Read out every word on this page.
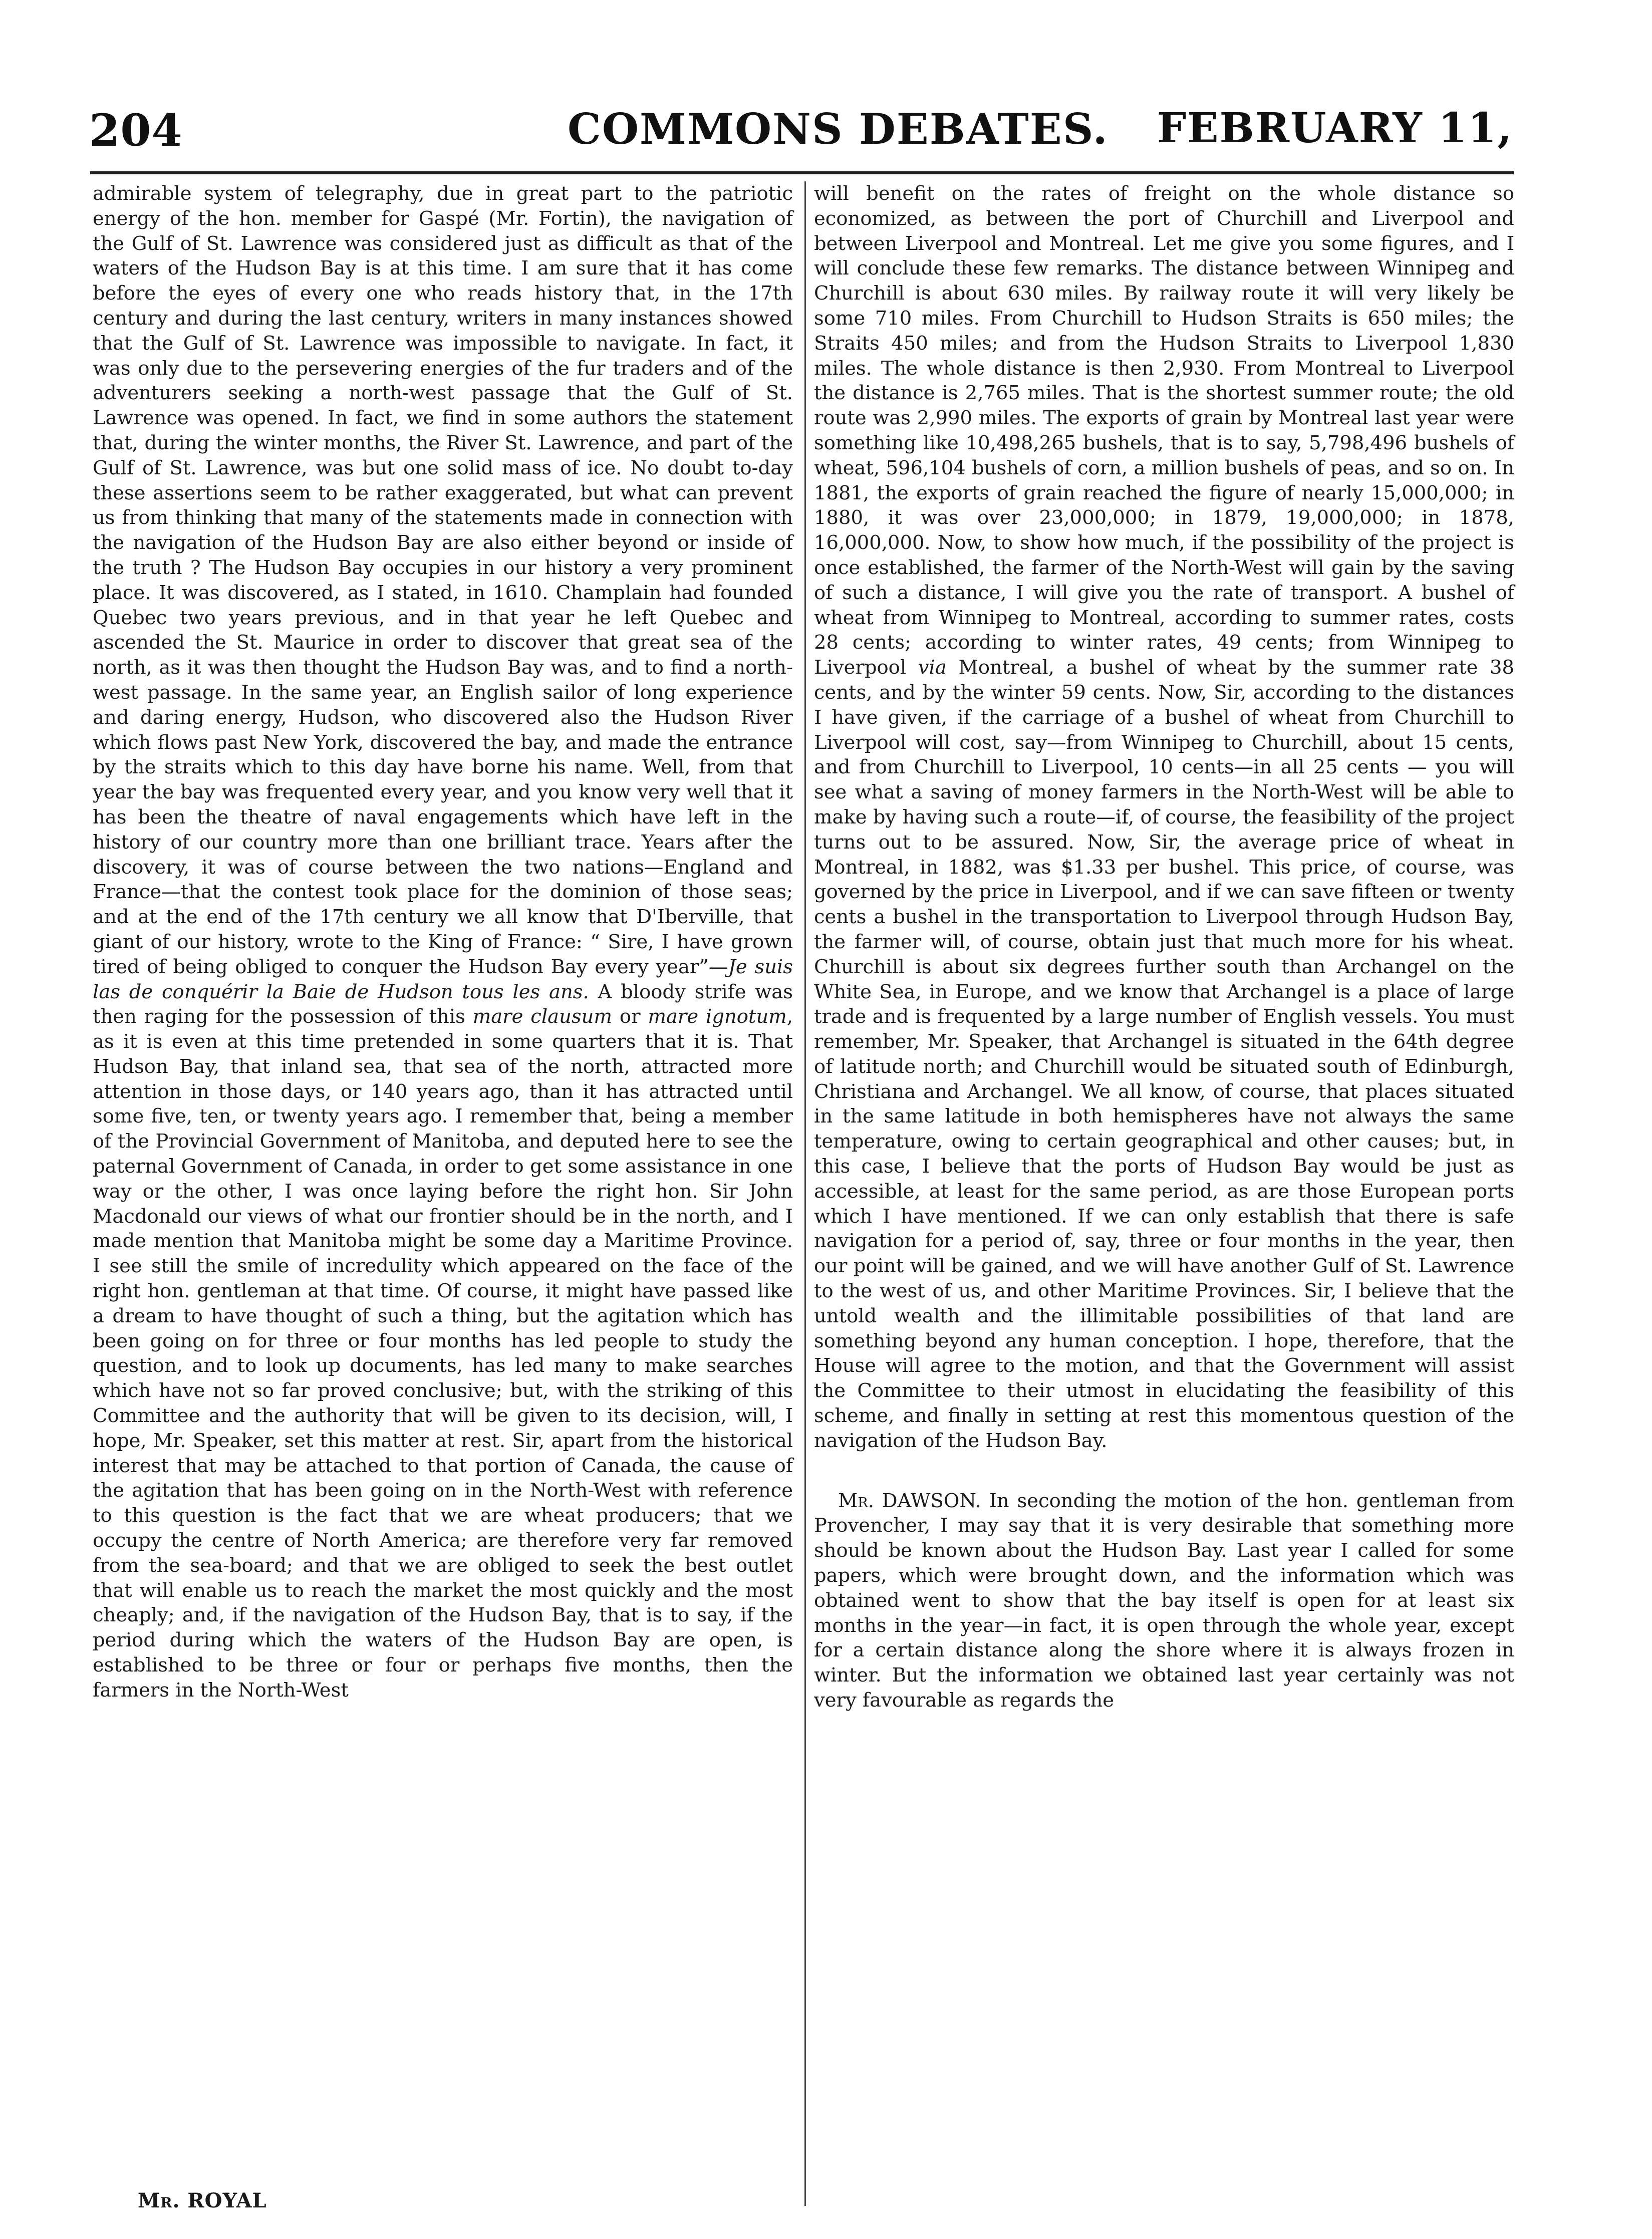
204	COMMONS DEBATES. FEBRUARY 11,

admirable system of telegraphy, due in great part to the patriotic energy of the hon. member for Gaspé (Mr. Fortin), the navigation of the Gulf of St. Lawrence was considered just as difficult as that of the waters of the Hudson Bay is at this time. I am sure that it has come before the eyes of every one who reads history that, in the 17th century and during the last century, writers in many instances showed that the Gulf of St. Lawrence was impossible to navigate. In fact, it was only due to the persevering energies of the fur traders and of the adventurers seeking a north-west passage that the Gulf of St. Lawrence was opened. In fact, we find in some authors the statement that, during the winter months, the River St. Lawrence, and part of the Gulf of St. Lawrence, was but one solid mass of ice. No doubt to-day these assertions seem to be rather exaggerated, but what can prevent us from thinking that many of the statements made in connection with the navigation of the Hudson Bay are also either beyond or inside of the truth ? The Hudson Bay occupies in our history a very prominent place. It was discovered, as I stated, in 1610. Champlain had founded Quebec two years previous, and in that year he left Quebec and ascended the St. Maurice in order to discover that great sea of the north, as it was then thought the Hudson Bay was, and to find a north-west passage. In the same year, an English sailor of long experience and daring energy, Hudson, who discovered also the Hudson River which flows past New York, discovered the bay, and made the entrance by the straits which to this day have borne his name. Well, from that year the bay was frequented every year, and you know very well that it has been the theatre of naval engagements which have left in the history of our country more than one brilliant trace. Years after the discovery, it was of course between the two nations—England and France—that the contest took place for the dominion of those seas; and at the end of the 17th century we all know that D'Iberville, that giant of our history, wrote to the King of France: “ Sire, I have grown tired of being obliged to conquer the Hudson Bay every year”—Je suis las de conquérir la Baie de Hudson tous les ans. A bloody strife was then raging for the possession of this mare clausum or mare ignotum, as it is even at this time pretended in some quarters that it is. That Hudson Bay, that inland sea, that sea of the north, attracted more attention in those days, or 140 years ago, than it has attracted until some five, ten, or twenty years ago. I remember that, being a member of the Provincial Government of Manitoba, and deputed here to see the paternal Government of Canada, in order to get some assistance in one way or the other, I was once laying before the right hon. Sir John Macdonald our views of what our frontier should be in the north, and I made mention that Manitoba might be some day a Maritime Province. I see still the smile of incredulity which appeared on the face of the right hon. gentleman at that time. Of course, it might have passed like a dream to have thought of such a thing, but the agitation which has been going on for three or four months has led people to study the question, and to look up documents, has led many to make searches which have not so far proved conclusive; but, with the striking of this Committee and the authority that will be given to its decision, will, I hope, Mr. Speaker, set this matter at rest. Sir, apart from the historical interest that may be attached to that portion of Canada, the cause of the agitation that has been going on in the North-West with reference to this question is the fact that we are wheat producers; that we occupy the centre of North America; are therefore very far removed from the sea-board; and that we are obliged to seek the best outlet that will enable us to reach the market the most quickly and the most cheaply; and, if the navigation of the Hudson Bay, that is to say, if the period during which the waters of the Hudson Bay are open, is established to be three or four or perhaps five months, then the farmers in the North-West

will benefit on the rates of freight on the whole distance so economized, as between the port of Churchill and Liverpool and between Liverpool and Montreal. Let me give you some figures, and I will conclude these few remarks. The distance between Winnipeg and Churchill is about 630 miles. By railway route it will very likely be some 710 miles. From Churchill to Hudson Straits is 650 miles; the Straits 450 miles; and from the Hudson Straits to Liverpool 1,830 miles. The whole distance is then 2,930. From Montreal to Liverpool the distance is 2,765 miles. That is the shortest summer route; the old route was 2,990 miles. The exports of grain by Montreal last year were something like 10,498,265 bushels, that is to say, 5,798,496 bushels of wheat, 596,104 bushels of corn, a million bushels of peas, and so on. In 1881, the exports of grain reached the figure of nearly 15,000,000; in 1880, it was over 23,000,000; in 1879, 19,000,000; in 1878, 16,000,000. Now, to show how much, if the possibility of the project is once established, the farmer of the North-West will gain by the saving of such a distance, I will give you the rate of transport. A bushel of wheat from Winnipeg to Montreal, according to summer rates, costs 28 cents; according to winter rates, 49 cents; from Winnipeg to Liverpool via Montreal, a bushel of wheat by the summer rate 38 cents, and by the winter 59 cents. Now, Sir, according to the distances I have given, if the carriage of a bushel of wheat from Churchill to Liverpool will cost, say—from Winnipeg to Churchill, about 15 cents, and from Churchill to Liverpool, 10 cents—in all 25 cents — you will see what a saving of money farmers in the North-West will be able to make by having such a route—if, of course, the feasibility of the project turns out to be assured. Now, Sir, the average price of wheat in Montreal, in 1882, was $1.33 per bushel. This price, of course, was governed by the price in Liverpool, and if we can save fifteen or twenty cents a bushel in the transportation to Liverpool through Hudson Bay, the farmer will, of course, obtain just that much more for his wheat. Churchill is about six degrees further south than Archangel on the White Sea, in Europe, and we know that Archangel is a place of large trade and is frequented by a large number of English vessels. You must remember, Mr. Speaker, that Archangel is situated in the 64th degree of latitude north; and Churchill would be situated south of Edinburgh, Christiana and Archangel. We all know, of course, that places situated in the same latitude in both hemispheres have not always the same temperature, owing to certain geographical and other causes; but, in this case, I believe that the ports of Hudson Bay would be just as accessible, at least for the same period, as are those European ports which I have mentioned. If we can only establish that there is safe navigation for a period of, say, three or four months in the year, then our point will be gained, and we will have another Gulf of St. Lawrence to the west of us, and other Maritime Provinces. Sir, I believe that the untold wealth and the illimitable possibilities of that land are something beyond any human conception. I hope, therefore, that the House will agree to the motion, and that the Government will assist the Committee to their utmost in elucidating the feasibility of this scheme, and finally in setting at rest this momentous question of the navigation of the Hudson Bay.

Mr. DAWSON. In seconding the motion of the hon. gentleman from Provencher, I may say that it is very desirable that something more should be known about the Hudson Bay. Last year I called for some papers, which were brought down, and the information which was obtained went to show that the bay itself is open for at least six months in the year—in fact, it is open through the whole year, except for a certain distance along the shore where it is always frozen in winter. But the information we obtained last year certainly was not very favourable as regards the

Mr. ROYAL
